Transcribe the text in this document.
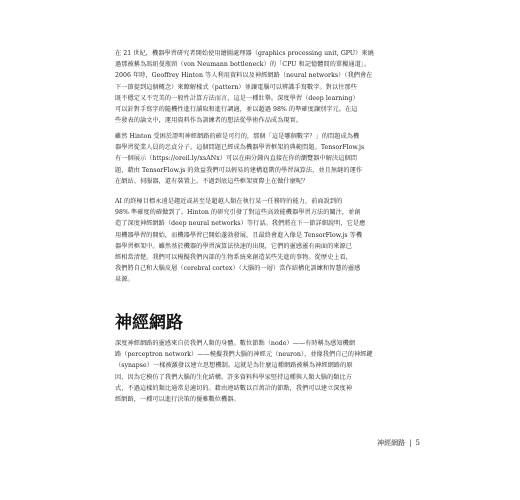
在 21 世紀，機器學習研究者開始使用繪圖處理器（graphics processing unit, GPU）來繞
過那被稱為馮紐曼瓶頸（von Neumann bottleneck）的「CPU 和記憶體間的單獨通道」。
2006 年時，Geoffrey Hinton 等人利用資料以及神經網路（neural networks）（我們會在
下一節提到這個概念）來瞭解樣式（pattern）並讓電腦可以辨識手寫數字。對以往那些
既不穩定又不完美的一般性計算方法而言，這是一種壯舉。深度學習（deep learning）
可以針對手寫字的隨機性進行讀取和進行調適，並以超過 98% 的準確度讓別字元。在這
些發表的論文中，運用資料作為訓練者的想法從學術作品成為現實。

雖然 Hinton 受困於證明神經網路的確是可行的，那個「這是哪個數字？」的問題成為機
器學習從業人員的忠貞分子。這個問題已經成為機器學習框架的典範問題。TensorFlow.js
有一個展示（https://oreil.ly/xsANx）可以在兩分鐘內直接在你的瀏覽器中解決這個問
題，藉由 TensorFlow.js 的效益我們可以輕易的建構進階的學習演算法，並且無縫的運作
在網站、伺服器，還有裝置上。不過到底這些框架實際上在做什麼呢？

AI 的終極目標永遠是趨近或甚至是超越人類在執行某一任務時的能力，前面說到的
98% 準確度的確做到了。Hinton 的研究引發了對這些高效能機器學習方法的關注，並創
造了深度神經網路（deep neural networks）等行話。我們將在下一節詳細說明，它是應
用機器學習的開始，而機器學習已開始蓬勃發展，且最終會進入像是 TensorFlow.js 等機
器學習框架中。雖然基於機器的學習演算法快速的出現，它們的靈感靈有兩面的來源已
經相當清楚。我們可以模擬我們內部的生物系統來創造某些先進的事物。從歷史上看，
我們將自己和大腦皮層（cerebral cortex）（大腦的一層）當作結構化訓練和智慧的靈感
泉源。

神經網路

深度神經網路的靈感來自於我們人類的身體。數位節點（node）——有時稱為感知機網
路（perceptron network）——模擬我們大腦的神經元（neuron），並像我們自己的神經鍵
（synapse）一樣被激發以建立思想機制。這就是為什麼這種網路被稱為神經網路的原
因，因為它模仿了我們大腦的生化結構。許多資料科學家堅持這種與人類大腦的類比方
式，不過這樣的類比通常是適切的。藉由連結數以百萬計的節點，我們可以建立深度神
經網路，一種可以進行決策的優雅數位機器。

神經網路 | 5
